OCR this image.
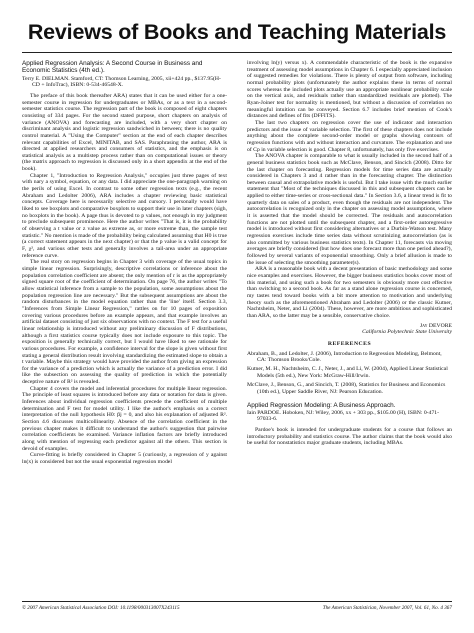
Reviews of Books and Teaching Materials
Applied Regression Analysis: A Second Course in Business and Economic Statistics (4th ed.).

Terry E. DIELMAN. Stamford, CT: Thomson Learning, 2005, xii+424 pp., $137.95(H-CD + InfoTrac), ISBN: 0-534-46548-X.

The preface of this book thereafter ARA) states that it can be used either for a one-semester course in regression for undergraduates or MBAs, or as a text in a second-semester statistics course. The regression part of the book is composed of eight chapters consisting of 334 pages. For the second stated purpose, short chapters on analysis of variance (ANOVA) and forecasting are included, with a very short chapter on discriminant analysis and logistic regression sandwiched in between; there is no quality control material. A "Using the Computer" section at the end of each chapter describes relevant capabilities of Excel, MINITAB, and SAS. Paraphrasing the author, ARA is directed at applied researchers and consumers of statistics, and the emphasis is on statistical analysis as a multistep process rather than on computational issues or theory (the matrix approach to regression is discussed only in a short appendix at the end of the book).

Chapter 1, "Introduction to Regression Analysis," occupies just three pages of text with nary a symbol, equation, or any data. I did appreciate the one-paragraph warning on the perils of using Excel. In contrast to some other regression texts (e.g., the recent Abraham and Ledolter 2006), ARA includes a chapter reviewing basic statistical concepts. Coverage here is necessarily selective and cursory. I personally would have liked to see boxplots and comparative boxplots to support their use in later chapters (sigh, no boxplots in the book). A page thus is devoted to p values, not enough in my judgment to preclude subsequent prominence. Here the author writes "That is, it is the probability of observing a t value or z value as extreme as, or more extreme than, the sample test statistic." No mention is made of the probability being calculated assuming that H0 is true (a correct statement appears in the next chapter) or that the p value is a valid concept for F, χ², and various other tests and generally involves a tail-area under an appropriate reference curve.

The real story on regression begins in Chapter 3 with coverage of the usual topics in simple linear regression. Surprisingly, descriptive correlations or inference about the population correlation coefficient are absent; the only mention of r is as the appropriately signed square root of the coefficient of determination. On page 76, the author writes "To allow statistical inference from a sample to the population, some assumptions about the population regression line are necessary." But the subsequent assumptions are about the random disturbances in the model equation rather than the 'line' itself. Section 3.3, "Inferences from Simple Linear Regression," rattles on for 10 pages of exposition covering various procedures before an example appears, and that example involves an artificial dataset consisting of just six observations with no context. The F test for a useful linear relationship is introduced without any preliminary discussion of F distributions, although a first statistics course typically does not include exposure to this topic. The exposition is generally technically correct, but I would have liked to see rationale for various procedures. For example, a confidence interval for the slope is given without first stating a general distribution result involving standardizing the estimated slope to obtain a t variable. Maybe this strategy would have provided the author from giving an expression for the variance of a prediction which is actually the variance of a prediction error. I did like the subsection on assessing the quality of prediction in which the potentially deceptive nature of R² is revealed.

Chapter 4 covers the model and inferential procedures for multiple linear regression. The principle of least squares is introduced before any data or notation for data is given. Inferences about individual regression coefficients precede the coefficient of multiple determination and F test for model utility. I like the author's emphasis on a correct interpretation of the null hypothesis H0: βj = 0, and also his explanation of adjusted R². Section 4.6 discusses multicollinearity. Absence of the correlation coefficient in the previous chapter makes it difficult to understand the author's suggestion that pairwise correlation coefficients be examined. Variance inflation factors are briefly introduced along with mention of regressing each predictor against all the others. This section is devoid of examples.

Curve-fitting is briefly considered in Chapter 5 (curiously, a regression of y against ln(x) is considered but not the usual exponential regression model

involving ln(y) versus x). A commendable characteristic of the book is the expansive treatment of assessing model assumptions in Chapter 6. I especially appreciated inclusion of suggested remedies for violations. There is plenty of output from software, including normal probability plots (unfortunately the author explains these in terms of normal scores whereas the included plots actually use an appropriate nonlinear probability scale on the vertical axis, and residuals rather than standardized residuals are plotted). The Ryan-Joiner test for normality is mentioned, but without a discussion of correlation no meaningful intuition can be conveyed. Section 6.7 includes brief mention of Cook's distances and defines of fits (DFFITS).

The last two chapters on regression cover the use of indicator and interaction predictors and the issue of variable selection. The first of these chapters does not include anything about the complete second-order model or graphs showing contours of regression functions with and without interaction and curvature. The explanation and use of Cp in variable selection is good. Chapter 8, unfortunately, has only five exercises.

The ANOVA chapter is comparable to what is usually included in the second half of a general business statistics book such as McClave, Benson, and Sincich (2008). Ditto for the last chapter on forecasting. Regression models for time series data are actually considered in Chapters 3 and 4 rather than in the forecasting chapter. The distinction between causal and extrapolative models is useful. But I take issue with the much earlier statement that "Most of the techniques discussed in this and subsequent chapters can be applied to either time-series or cross-sectional data." In Section 3.6, a linear trend is fit to quarterly data on sales of a product, even though the residuals are not independent. The autocorrelation is recognized only in the chapter on assessing model assumptions, where it is asserted that the model should be corrected. The residuals and autocorrelation functions are not plotted until the subsequent chapter, and a first-order autoregressive model is introduced without first considering alternatives or a Durbin-Watson test. Many regression exercises include time series data without scrutinizing autocorrelation (as is also committed by various business statistics texts). In Chapter 11, forecasts via moving averages are briefly considered (but how does one forecast more than one period ahead?), followed by several variants of exponential smoothing. Only a brief allusion is made to the issue of selecting the smoothing parameter(s).

ARA is a reasonable book with a decent presentation of basic methodology and some nice examples and exercises. However, the bigger business statistics books cover most of this material, and using such a book for two semesters is obviously more cost effective than switching to a second book. As far as a stand alone regression course is concerned, my tastes tend toward books with a bit more attention to motivation and underlying theory such as the aforementioned Abraham and Ledolter (2006) or the classic Kutner, Nachtsheim, Neter, and Li (2004). These, however, are more ambitious and sophisticated than ARA, so the latter may be a sensible, conservative choice.

Jay DEVORE
California Polytechnic State University
REFERENCES

Abraham, B., and Ledolter, J. (2006), Introduction to Regression Modeling, Belmont, CA: Thomson Brooks/Cole.

Kutner, M. H., Nachtsheim, C. J., Neter, J., and Li, W. (2004), Applied Linear Statistical Models (5th ed.), New York: McGraw-Hill/Irwin.

McClave, J., Benson, G., and Sincich, T. (2008), Statistics for Business and Economics (10th ed.), Upper Saddle River, NJ: Pearson Education.

Applied Regression Modeling: A Business Approach.

Iain PARDOE. Hoboken, NJ: Wiley, 2006, xx + 303 pp., $105.00 (H), ISBN: 0-471-97033-6.

Pardoe's book is intended for undergraduate students for a course that follows an introductory probability and statistics course. The author claims that the book would also be useful for nonstatistics major graduate students, including MBAs.

© 2007 American Statistical Association DOI: 10.1198/000313007X243115	The American Statistician, November 2007, Vol. 61, No. 4 367
